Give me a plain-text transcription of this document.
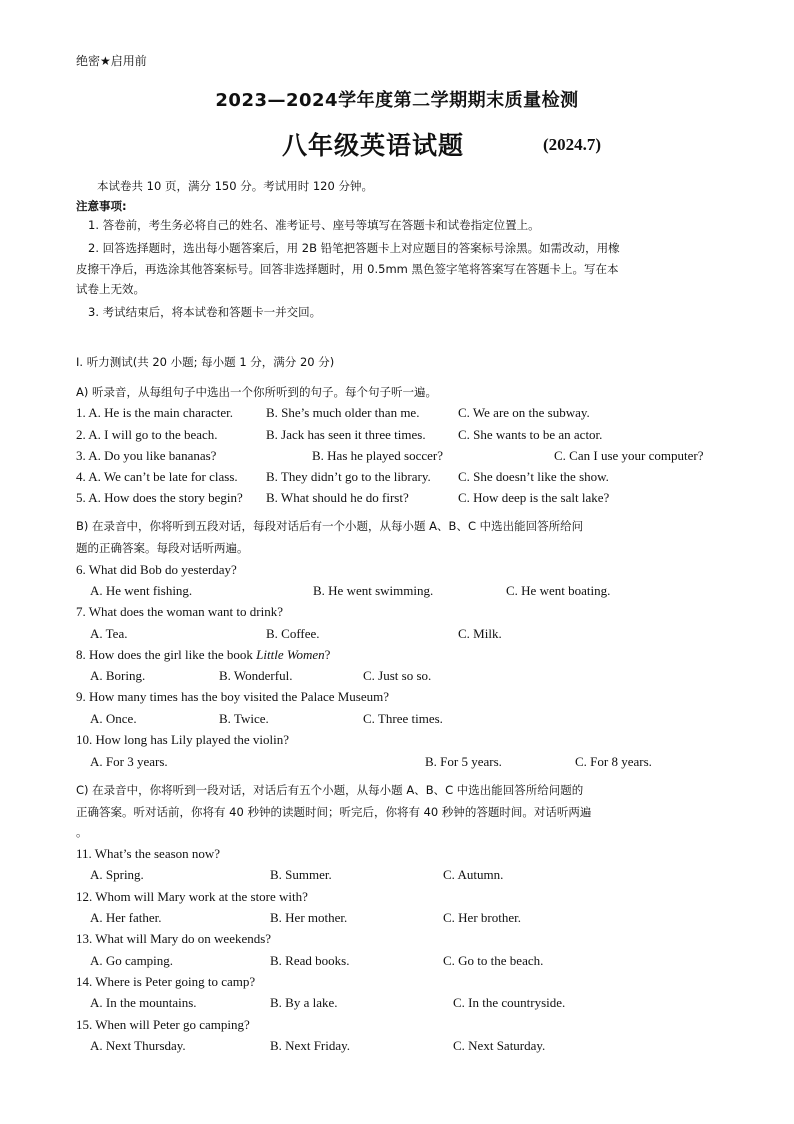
绝密★启用前
2023—2024学年度第二学期期末质量检测
八年级英语试题	(2024.7)
本试卷共 10 页，满分 150 分。考试用时 120 分钟。
注意事项:
1. 答卷前，考生务必将自己的姓名、准考证号、座号等填写在答题卡和试卷指定位置上。
2. 回答选择题时，选出每小题答案后，用 2B 铅笔把答题卡上对应题目的答案标号涂黑。如需改动，用橡
皮擦干净后，再选涂其他答案标号。回答非选择题时，用 0.5mm 黑色签字笔将答案写在答题卡上。写在本
试卷上无效。
3. 考试结束后，将本试卷和答题卡一并交回。
I. 听力测试(共 20 小题; 每小题 1 分，满分 20 分)
A) 听录音，从每组句子中选出一个你所听到的句子。每个句子听一遍。
1. A. He is the main character.	B. She’s much older than me.	C. We are on the subway.
2. A. I will go to the beach.	B. Jack has seen it three times. C. She wants to be an actor.
3. A. Do you like bananas?	B. Has he played soccer?	C. Can I use your computer?
4. A. We can’t be late for class. B. They didn’t go to the library. C. She doesn’t like the show.
5. A. How does the story begin? B. What should he do first?	C. How deep is the salt lake?
B) 在录音中，你将听到五段对话，每段对话后有一个小题，从每小题 A、B、C 中选出能回答所给问
题的正确答案。每段对话听两遍。
6. What did Bob do yesterday?
A. He went fishing.	B. He went swimming.	C. He went boating.
7. What does the woman want to drink?
A. Tea.	B. Coffee.	C. Milk.
8. How does the girl like the book Little Women?
A. Boring.	B. Wonderful.	C. Just so so.
9. How many times has the boy visited the Palace Museum?
A. Once.	B. Twice.	C. Three times.
10. How long has Lily played the violin?
A. For 3 years.	B. For 5 years.	C. For 8 years.
C) 在录音中，你将听到一段对话，对话后有五个小题，从每小题 A、B、C 中选出能回答所给问题的
正确答案。听对话前，你将有 40 秒钟的读题时间；听完后，你将有 40 秒钟的答题时间。对话听两遍
。
11. What’s the season now?
A. Spring.	B. Summer.	C. Autumn.
12. Whom will Mary work at the store with?
A. Her father.	B. Her mother.	C. Her brother.
13. What will Mary do on weekends?
A. Go camping.	B. Read books.	C. Go to the beach.
14. Where is Peter going to camp?
A. In the mountains.	B. By a lake.	C. In the countryside.
15. When will Peter go camping?
A. Next Thursday.	B. Next Friday.	C. Next Saturday.
